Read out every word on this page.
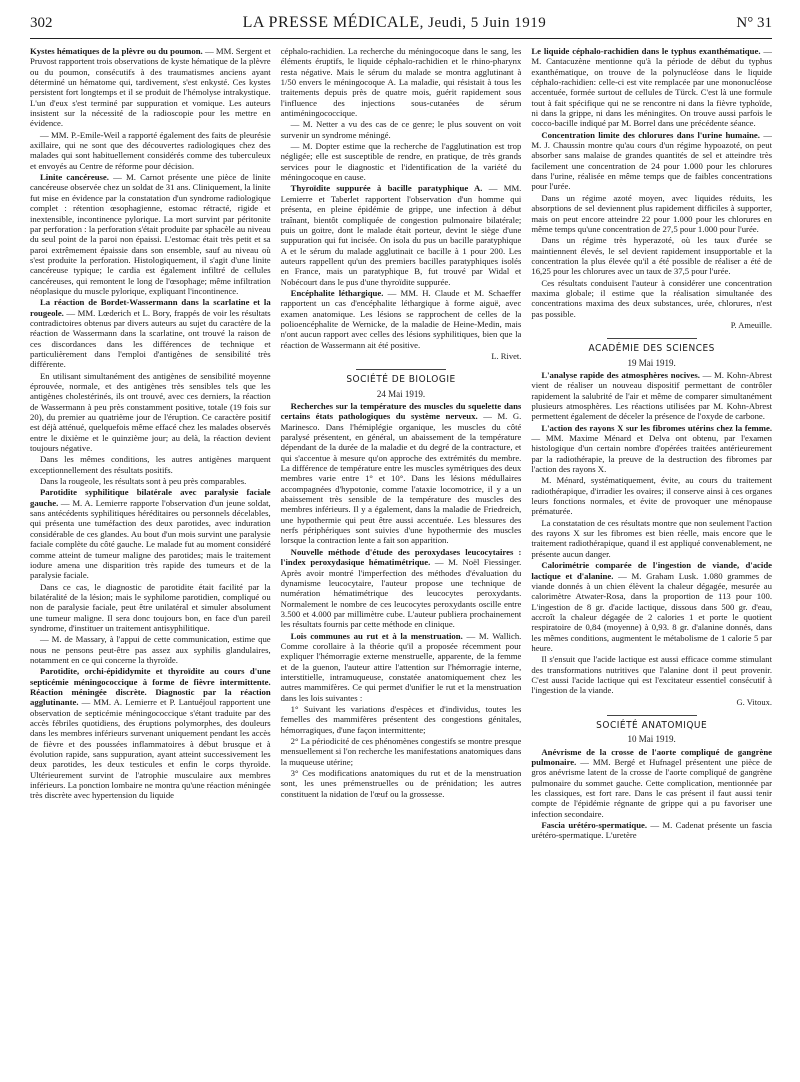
302	LA PRESSE MÉDICALE, Jeudi, 5 Juin 1919	N° 31

Kystes hématiques de la plèvre ou du poumon. — MM. Sergent et Pruvost rapportent trois observations de kyste hématique de la plèvre ou du poumon, consécutifs à des traumatismes anciens ayant déterminé un hématome qui, tardivement, s'est enkysté. Ces kystes persistent fort longtemps et il se produit de l'hémolyse intrakystique. L'un d'eux s'est terminé par suppuration et vomique. Les auteurs insistent sur la nécessité de la radioscopie pour les mettre en évidence.

— MM. P.-Emile-Weil a rapporté également des faits de pleurésie axillaire, qui ne sont que des découvertes radiologiques chez des malades qui sont habituellement considérés comme des tuberculeux et envoyés au Centre de réforme pour décision.

Linite cancéreuse. — M. Carnot présente une pièce de linite cancéreuse observée chez un soldat de 31 ans. Cliniquement, la linite fut mise en évidence par la constatation d'un syndrome radiologique complet : rétention œsophagienne, estomac rétracté, rigide et inextensible, incontinence pylorique. La mort survint par péritonite par perforation : la perforation s'était produite par sphacèle au niveau du seul point de la paroi non épaissi. L'estomac était très petit et sa paroi extrêmement épaissie dans son ensemble, sauf au niveau où s'est produite la perforation. Histologiquement, il s'agit d'une linite cancéreuse typique; le cardia est également infiltré de cellules cancéreuses, qui remontent le long de l'œsophage; même infiltration néoplasique du muscle pylorique, expliquant l'incontinence.

La réaction de Bordet-Wassermann dans la scarlatine et la rougeole. — MM. Lœderich et L. Bory, frappés de voir les résultats contradictoires obtenus par divers auteurs au sujet du caractère de la réaction de Wassermann dans la scarlatine, ont trouvé la raison de ces discordances dans les différences de technique et particulièrement dans l'emploi d'antigènes de sensibilité très différente.

En utilisant simultanément des antigènes de sensibilité moyenne éprouvée, normale, et des antigènes très sensibles tels que les antigènes cholestérinés, ils ont trouvé, avec ces derniers, la réaction de Wassermann à peu près constamment positive, totale (19 fois sur 20), du premier au quatrième jour de l'éruption. Ce caractère positif est déjà atténué, quelquefois même effacé chez les malades observés entre le dixième et le quinzième jour; au delà, la réaction devient toujours négative.

Dans les mêmes conditions, les autres antigènes marquent exceptionnellement des résultats positifs.

Dans la rougeole, les résultats sont à peu près comparables.

Parotidite syphilitique bilatérale avec paralysie faciale gauche. — M. A. Lemierre rapporte l'observation d'un jeune soldat, sans antécédents syphilitiques héréditaires ou personnels décelables, qui présenta une tuméfaction des deux parotides, avec induration considérable de ces glandes. Au bout d'un mois survint une paralysie faciale complète du côté gauche. Le malade fut au moment considéré comme atteint de tumeur maligne des parotides; mais le traitement iodure amena une disparition très rapide des tumeurs et de la paralysie faciale.

Dans ce cas, le diagnostic de parotidite était facilité par la bilatéralité de la lésion; mais le syphilome parotidien, compliqué ou non de paralysie faciale, peut être unilatéral et simuler absolument une tumeur maligne. Il sera donc toujours bon, en face d'un pareil syndrome, d'instituer un traitement antisyphilitique.

— M. de Massary, à l'appui de cette communication, estime que nous ne pensons peut-être pas assez aux syphilis glandulaires, notamment en ce qui concerne la thyroïde.

Parotidite, orchi-épididymite et thyroïdite au cours d'une septicémie méningococcique à forme de fièvre intermittente. Réaction méningée discrète. Diagnostic par la réaction agglutinante. — MM. A. Lemierre et P. Lantuéjoul rapportent une observation de septicémie méningococcique s'étant traduite par des accès fébriles quotidiens, des éruptions polymorphes, des douleurs dans les membres inférieurs survenant uniquement pendant les accès de fièvre et des poussées inflammatoires à début brusque et à évolution rapide, sans suppuration, ayant atteint successivement les deux parotides, les deux testicules et enfin le corps thyroïde. Ultérieurement survint de l'atrophie musculaire aux membres inférieurs. La ponction lombaire ne montra qu'une réaction méningée très discrète avec hypertension du liquide

céphalo-rachidien. La recherche du méningocoque dans le sang, les éléments éruptifs, le liquide céphalo-rachidien et le rhino-pharynx resta négative. Mais le sérum du malade se montra agglutinant à 1/50 envers le méningocoque A. La maladie, qui résistait à tous les traitements depuis près de quatre mois, guérit rapidement sous l'influence des injections sous-cutanées de sérum antiméningococcique.

— M. Netter a vu des cas de ce genre; le plus souvent on voit survenir un syndrome méningé.

— M. Dopter estime que la recherche de l'agglutination est trop négligée; elle est susceptible de rendre, en pratique, de très grands services pour le diagnostic et l'identification de la variété du méningocoque en cause.

Thyroïdite suppurée à bacille paratyphique A. — MM. Lemierre et Taberlet rapportent l'observation d'un homme qui présenta, en pleine épidémie de grippe, une infection à début traînant, bientôt compliquée de congestion pulmonaire bilatérale; puis un goitre, dont le malade était porteur, devint le siège d'une suppuration qui fut incisée. On isola du pus un bacille paratyphique A et le sérum du malade agglutinait ce bacille à 1 pour 200. Les auteurs rappellent qu'un des premiers bacilles paratyphiques isolés en France, mais un paratyphique B, fut trouvé par Widal et Nobécourt dans le pus d'une thyroïdite suppurée.

Encéphalite léthargique. — MM. H. Claude et M. Schaeffer rapportent un cas d'encéphalite léthargique à forme aiguë, avec examen anatomique. Les lésions se rapprochent de celles de la polioencéphalite de Wernicke, de la maladie de Heine-Medin, mais n'ont aucun rapport avec celles des lésions syphilitiques, bien que la réaction de Wassermann ait été positive.

L. Rivet.
SOCIÉTÉ DE BIOLOGIE
24 Mai 1919.

Recherches sur la température des muscles du squelette dans certains états pathologiques du système nerveux. — M. G. Marinesco. Dans l'hémiplégie organique, les muscles du côté paralysé présentent, en général, un abaissement de la température dépendant de la durée de la maladie et du degré de la contracture, et qui s'accentue à mesure qu'on approche des extrémités du membre. La différence de température entre les muscles symétriques des deux membres varie entre 1° et 10°. Dans les lésions médullaires accompagnées d'hypotonie, comme l'ataxie locomotrice, il y a un abaissement très sensible de la température des muscles des membres inférieurs. Il y a également, dans la maladie de Friedreich, une hypothermie qui peut être aussi accentuée. Les blessures des nerfs périphériques sont suivies d'une hypothermie des muscles lorsque la contraction lente a fait son apparition.

Nouvelle méthode d'étude des peroxydases leucocytaires : l'index peroxydasique hématimétrique. — M. Noël Fiessinger. Après avoir montré l'imperfection des méthodes d'évaluation du dynamisme leucocytaire, l'auteur propose une technique de numération hématimétrique des leucocytes peroxydants. Normalement le nombre de ces leucocytes peroxydants oscille entre 3.500 et 4.000 par millimètre cube. L'auteur publiera prochainement les résultats fournis par cette méthode en clinique.

Lois communes au rut et à la menstruation. — M. Wallich. Comme corollaire à la théorie qu'il a proposée récemment pour expliquer l'hémorragie externe menstruelle, apparente, de la femme et de la guenon, l'auteur attire l'attention sur l'hémorragie interne, interstitielle, intramuqueuse, constatée anatomiquement chez les autres mammifères. Ce qui permet d'unifier le rut et la menstruation dans les lois suivantes :

1° Suivant les variations d'espèces et d'individus, toutes les femelles des mammifères présentent des congestions génitales, hémorragiques, d'une façon intermittente;

2° La périodicité de ces phénomènes congestifs se montre presque mensuellement si l'on recherche les manifestations anatomiques dans la muqueuse utérine;

3° Ces modifications anatomiques du rut et de la menstruation sont, les unes prémenstruelles ou de prénidation; les autres constituent la nidation de l'œuf ou la grossesse.

Le liquide céphalo-rachidien dans le typhus exanthématique. — M. Cantacuzène mentionne qu'à la période de début du typhus exanthématique, on trouve de la polynucléose dans le liquide céphalo-rachidien: celle-ci est vite remplacée par une mononucléose accentuée, formée surtout de cellules de Türck. C'est là une formule tout à fait spécifique qui ne se rencontre ni dans la fièvre typhoïde, ni dans la grippe, ni dans les méningites. On trouve aussi parfois le cocco-bacille indiqué par M. Borrel dans une précédente séance.

Concentration limite des chlorures dans l'urine humaine. — M. J. Chaussin montre qu'au cours d'un régime hypoazoté, on peut absorber sans malaise de grandes quantités de sel et atteindre très facilement une concentration de 24 pour 1.000 pour les chlorures dans l'urine, réalisée en même temps que de faibles concentrations pour l'urée.

Dans un régime azoté moyen, avec liquides réduits, les absorptions de sel deviennent plus rapidement difficiles à supporter, mais on peut encore atteindre 22 pour 1.000 pour les chlorures en même temps qu'une concentration de 27,5 pour 1.000 pour l'urée.

Dans un régime très hyperazoté, où les taux d'urée se maintiennent élevés, le sel devient rapidement insupportable et la concentration la plus élevée qu'il a été possible de réaliser a été de 16,25 pour les chlorures avec un taux de 37,5 pour l'urée.

Ces résultats conduisent l'auteur à considérer une concentration maxima globale; il estime que la réalisation simultanée des concentrations maxima des deux substances, urée, chlorures, n'est pas possible.

P. Ameuille.
ACADÉMIE DES SCIENCES
19 Mai 1919.

L'analyse rapide des atmosphères nocives. — M. Kohn-Abrest vient de réaliser un nouveau dispositif permettant de contrôler rapidement la salubrité de l'air et même de comparer simultanément plusieurs atmosphères. Les réactions utilisées par M. Kohn-Abrest permettent également de déceler la présence de l'oxyde de carbone.

L'action des rayons X sur les fibromes utérins chez la femme. — MM. Maxime Ménard et Delva ont obtenu, par l'examen histologique d'un certain nombre d'opérées traitées antérieurement par la radiothérapie, la preuve de la destruction des fibromes par l'action des rayons X.

M. Ménard, systématiquement, évite, au cours du traitement radiothérapique, d'irradier les ovaires; il conserve ainsi à ces organes leurs fonctions normales, et évite de provoquer une ménopause prématurée.

La constatation de ces résultats montre que non seulement l'action des rayons X sur les fibromes est bien réelle, mais encore que le traitement radiothérapique, quand il est appliqué convenablement, ne présente aucun danger.

Calorimétrie comparée de l'ingestion de viande, d'acide lactique et d'alanine. — M. Graham Lusk. 1.080 grammes de viande donnés à un chien élèvent la chaleur dégagée, mesurée au calorimètre Atwater-Rosa, dans la proportion de 113 pour 100. L'ingestion de 8 gr. d'acide lactique, dissous dans 500 gr. d'eau, accroît la chaleur dégagée de 2 calories 1 et porte le quotient respiratoire de 0,84 (moyenne) à 0,93. 8 gr. d'alanine donnés, dans les mêmes conditions, augmentent le métabolisme de 1 calorie 5 par heure.

Il s'ensuit que l'acide lactique est aussi efficace comme stimulant des transformations nutritives que l'alanine dont il peut provenir. C'est aussi l'acide lactique qui est l'excitateur essentiel consécutif à l'ingestion de la viande.

G. Vitoux.
SOCIÉTÉ ANATOMIQUE
10 Mai 1919.

Anévrisme de la crosse de l'aorte compliqué de gangrène pulmonaire. — MM. Bergé et Hufnagel présentent une pièce de gros anévrisme latent de la crosse de l'aorte compliqué de gangrène pulmonaire du sommet gauche. Cette complication, mentionnée par les classiques, est fort rare. Dans le cas présent il faut aussi tenir compte de l'épidémie régnante de grippe qui a pu favoriser une infection secondaire.

Fascia urétéro-spermatique. — M. Cadenat présente un fascia urétéro-spermatique. L'uretère
